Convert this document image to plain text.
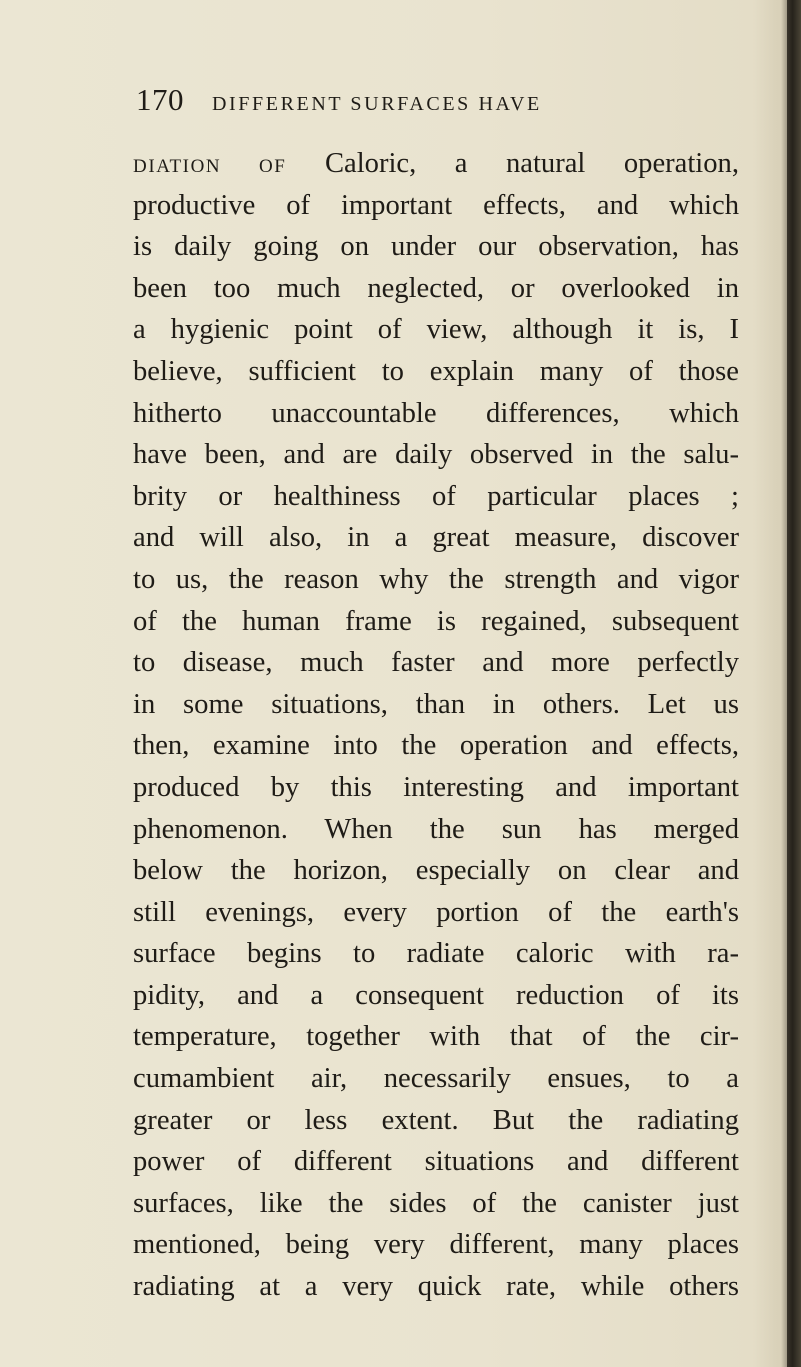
170 DIFFERENT SURFACES HAVE
DIATION OF Caloric, a natural operation,
productive of important effects, and which
is daily going on under our observation, has
been too much neglected, or overlooked in
a hygienic point of view, although it is, I
believe, sufficient to explain many of those
hitherto unaccountable differences, which
have been, and are daily observed in the salu-
brity or healthiness of particular places ;
and will also, in a great measure, discover
to us, the reason why the strength and vigor
of the human frame is regained, subsequent
to disease, much faster and more perfectly
in some situations, than in others. Let us
then, examine into the operation and effects,
produced by this interesting and important
phenomenon. When the sun has merged
below the horizon, especially on clear and
still evenings, every portion of the earth's
surface begins to radiate caloric with ra-
pidity, and a consequent reduction of its
temperature, together with that of the cir-
cumambient air, necessarily ensues, to a
greater or less extent. But the radiating
power of different situations and different
surfaces, like the sides of the canister just
mentioned, being very different, many places
radiating at a very quick rate, while others
